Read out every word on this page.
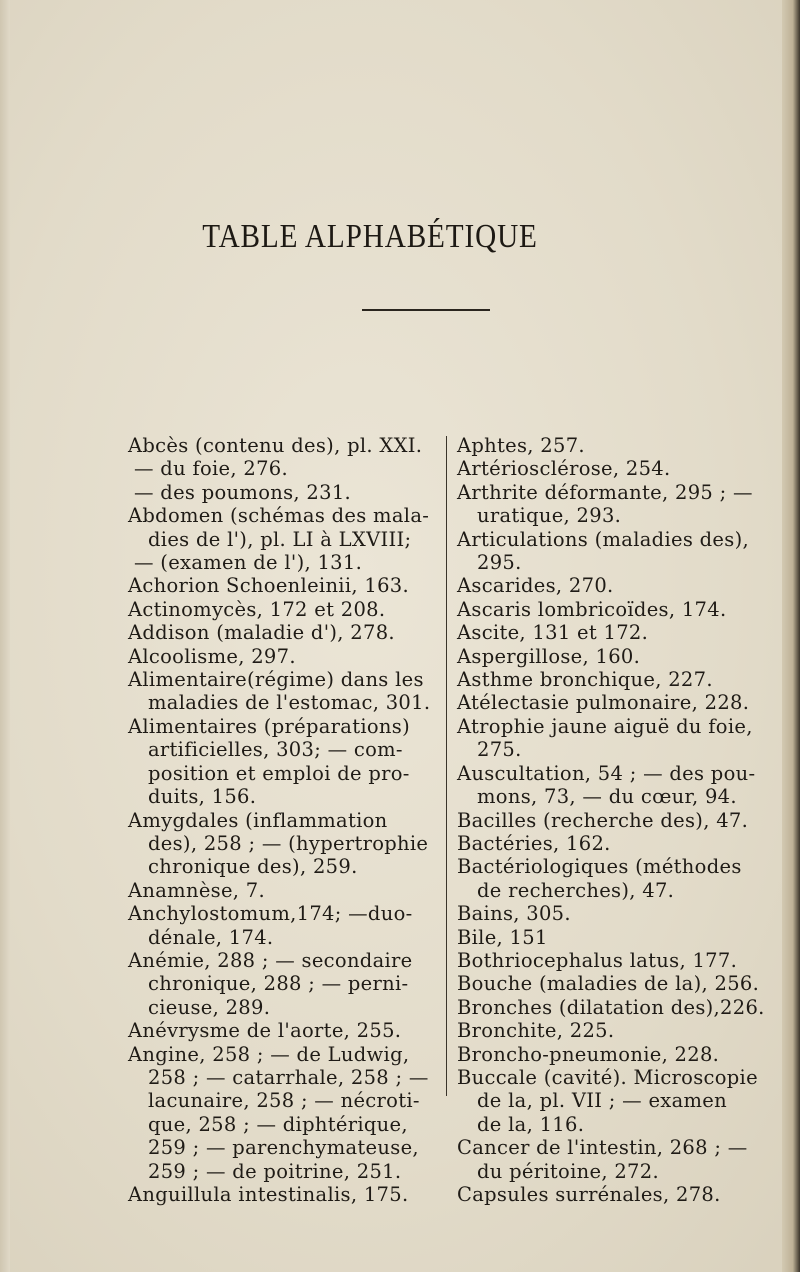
TABLE ALPHABÉTIQUE
Abcès (contenu des), pl. XXI.
— du foie, 276.
— des poumons, 231.
Abdomen (schémas des mala-
dies de l'), pl. LI à LXVIII;
— (examen de l'), 131.
Achorion Schoenleinii, 163.
Actinomycès, 172 et 208.
Addison (maladie d'), 278.
Alcoolisme, 297.
Alimentaire(régime) dans les
maladies de l'estomac, 301.
Alimentaires (préparations)
artificielles, 303; — com-
position et emploi de pro-
duits, 156.
Amygdales (inflammation
des), 258 ; — (hypertrophie
chronique des), 259.
Anamnèse, 7.
Anchylostomum,174; —duo-
dénale, 174.
Anémie, 288 ; — secondaire
chronique, 288 ; — perni-
cieuse, 289.
Anévrysme de l'aorte, 255.
Angine, 258 ; — de Ludwig,
258 ; — catarrhale, 258 ; —
lacunaire, 258 ; — nécroti-
que, 258 ; — diphtérique,
259 ; — parenchymateuse,
259 ; — de poitrine, 251.
Anguillula intestinalis, 175.
Aphtes, 257.
Artériosclérose, 254.
Arthrite déformante, 295 ; —
uratique, 293.
Articulations (maladies des),
295.
Ascarides, 270.
Ascaris lombricoïdes, 174.
Ascite, 131 et 172.
Aspergillose, 160.
Asthme bronchique, 227.
Atélectasie pulmonaire, 228.
Atrophie jaune aiguë du foie,
275.
Auscultation, 54 ; — des pou-
mons, 73, — du cœur, 94.
Bacilles (recherche des), 47.
Bactéries, 162.
Bactériologiques (méthodes
de recherches), 47.
Bains, 305.
Bile, 151
Bothriocephalus latus, 177.
Bouche (maladies de la), 256.
Bronches (dilatation des),226.
Bronchite, 225.
Broncho-pneumonie, 228.
Buccale (cavité). Microscopie
de la, pl. VII ; — examen
de la, 116.
Cancer de l'intestin, 268 ; —
du péritoine, 272.
Capsules surrénales, 278.
